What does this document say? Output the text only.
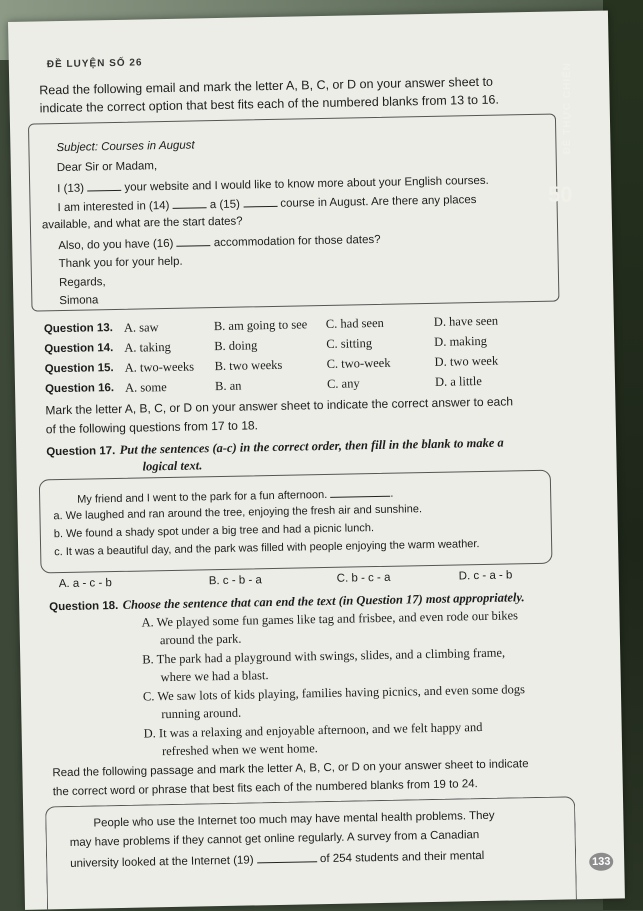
ĐỀ LUYỆN SỐ 26
Read the following email and mark the letter A, B, C, or D on your answer sheet to
indicate the correct option that best fits each of the numbered blanks from 13 to 16.
Subject: Courses in August
Dear Sir or Madam,
I (13)	your website and I would like to know more about your English courses.
I am interested in (14)	a (15)	course in August. Are there any places
available, and what are the start dates?
Also, do you have (16)	accommodation for those dates?
Thank you for your help.
Regards,
Simona
Question 13. A. saw	B. am going to see C. had seen	D. have seen
Question 14. A. taking	B. doing	C. sitting	D. making
Question 15. A. two-weeks B. two weeks	C. two-week	D. two week
Question 16. A. some	B. an	C. any	D. a little
Mark the letter A, B, C, or D on your answer sheet to indicate the correct answer to each
of the following questions from 17 to 18.
Question 17. Put the sentences (a-c) in the correct order, then fill in the blank to make a
logical text.
My friend and I went to the park for a fun afternoon.	.
a. We laughed and ran around the tree, enjoying the fresh air and sunshine.
b. We found a shady spot under a big tree and had a picnic lunch.
c. It was a beautiful day, and the park was filled with people enjoying the warm weather.
A. a - c - b	B. c - b - a	C. b - c - a	D. c - a - b
Question 18. Choose the sentence that can end the text (in Question 17) most appropriately.
A. We played some fun games like tag and frisbee, and even rode our bikes
around the park.
B. The park had a playground with swings, slides, and a climbing frame,
where we had a blast.
C. We saw lots of kids playing, families having picnics, and even some dogs
running around.
D. It was a relaxing and enjoyable afternoon, and we felt happy and
refreshed when we went home.
Read the following passage and mark the letter A, B, C, or D on your answer sheet to indicate
the correct word or phrase that best fits each of the numbered blanks from 19 to 24.
People who use the Internet too much may have mental health problems. They
may have problems if they cannot get online regularly. A survey from a Canadian
university looked at the Internet (19)	of 254 students and their mental	133
ĐỀ THỰC CHIẾN
50
